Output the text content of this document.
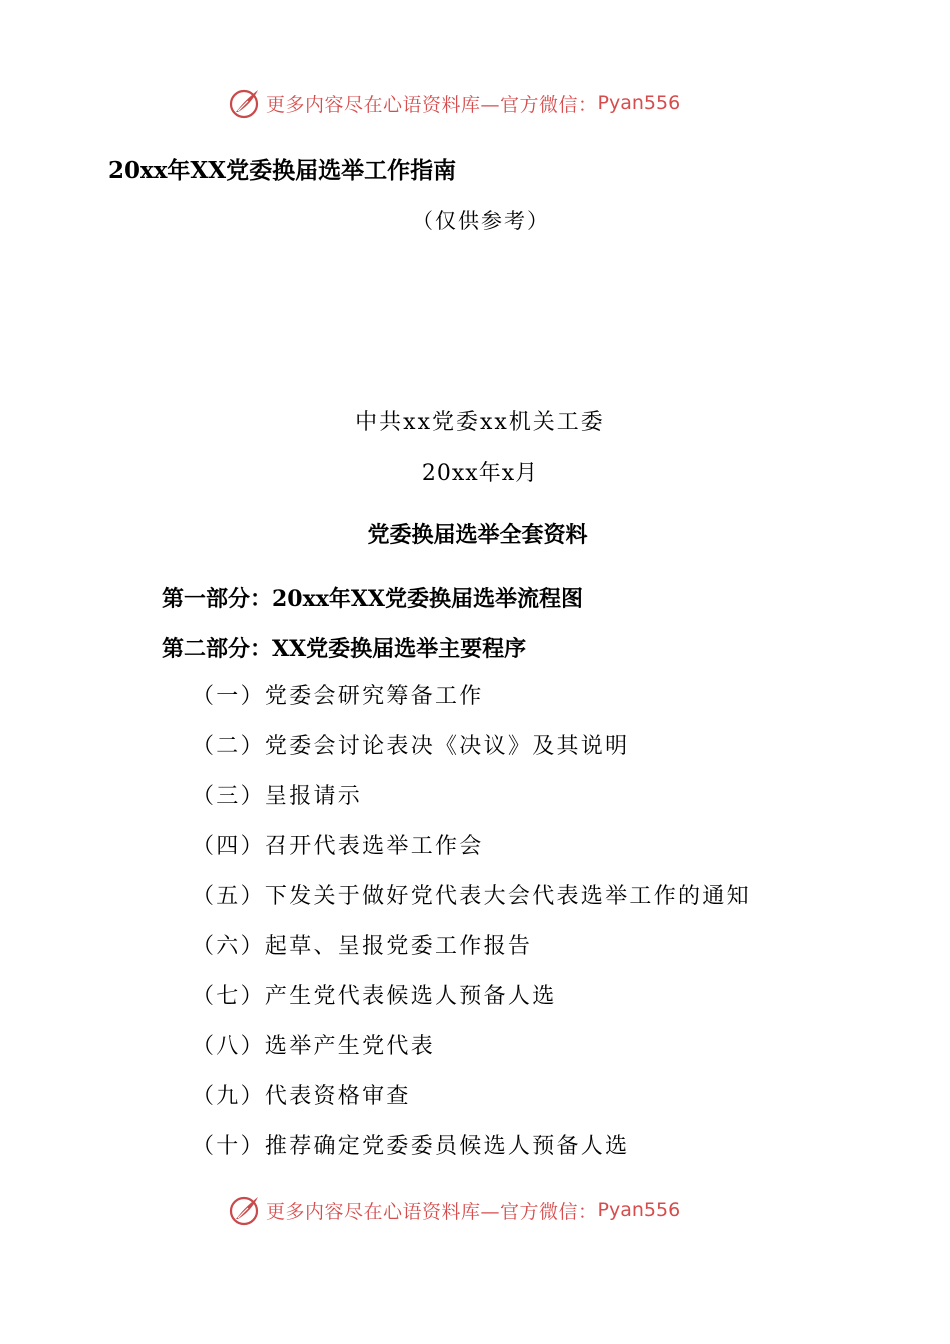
更多内容尽在心语资料库—官方微信： Pyan556
20xx年XX党委换届选举工作指南
（仅供参考）
中共xx党委xx机关工委
20xx年x月
党委换届选举全套资料
第一部分：20xx年XX党委换届选举流程图
第二部分：XX党委换届选举主要程序
（一）党委会研究筹备工作
（二）党委会讨论表决《决议》及其说明
（三）呈报请示
（四）召开代表选举工作会
（五）下发关于做好党代表大会代表选举工作的通知
（六）起草、呈报党委工作报告
（七）产生党代表候选人预备人选
（八）选举产生党代表
（九）代表资格审查
（十）推荐确定党委委员候选人预备人选
更多内容尽在心语资料库—官方微信： Pyan556
